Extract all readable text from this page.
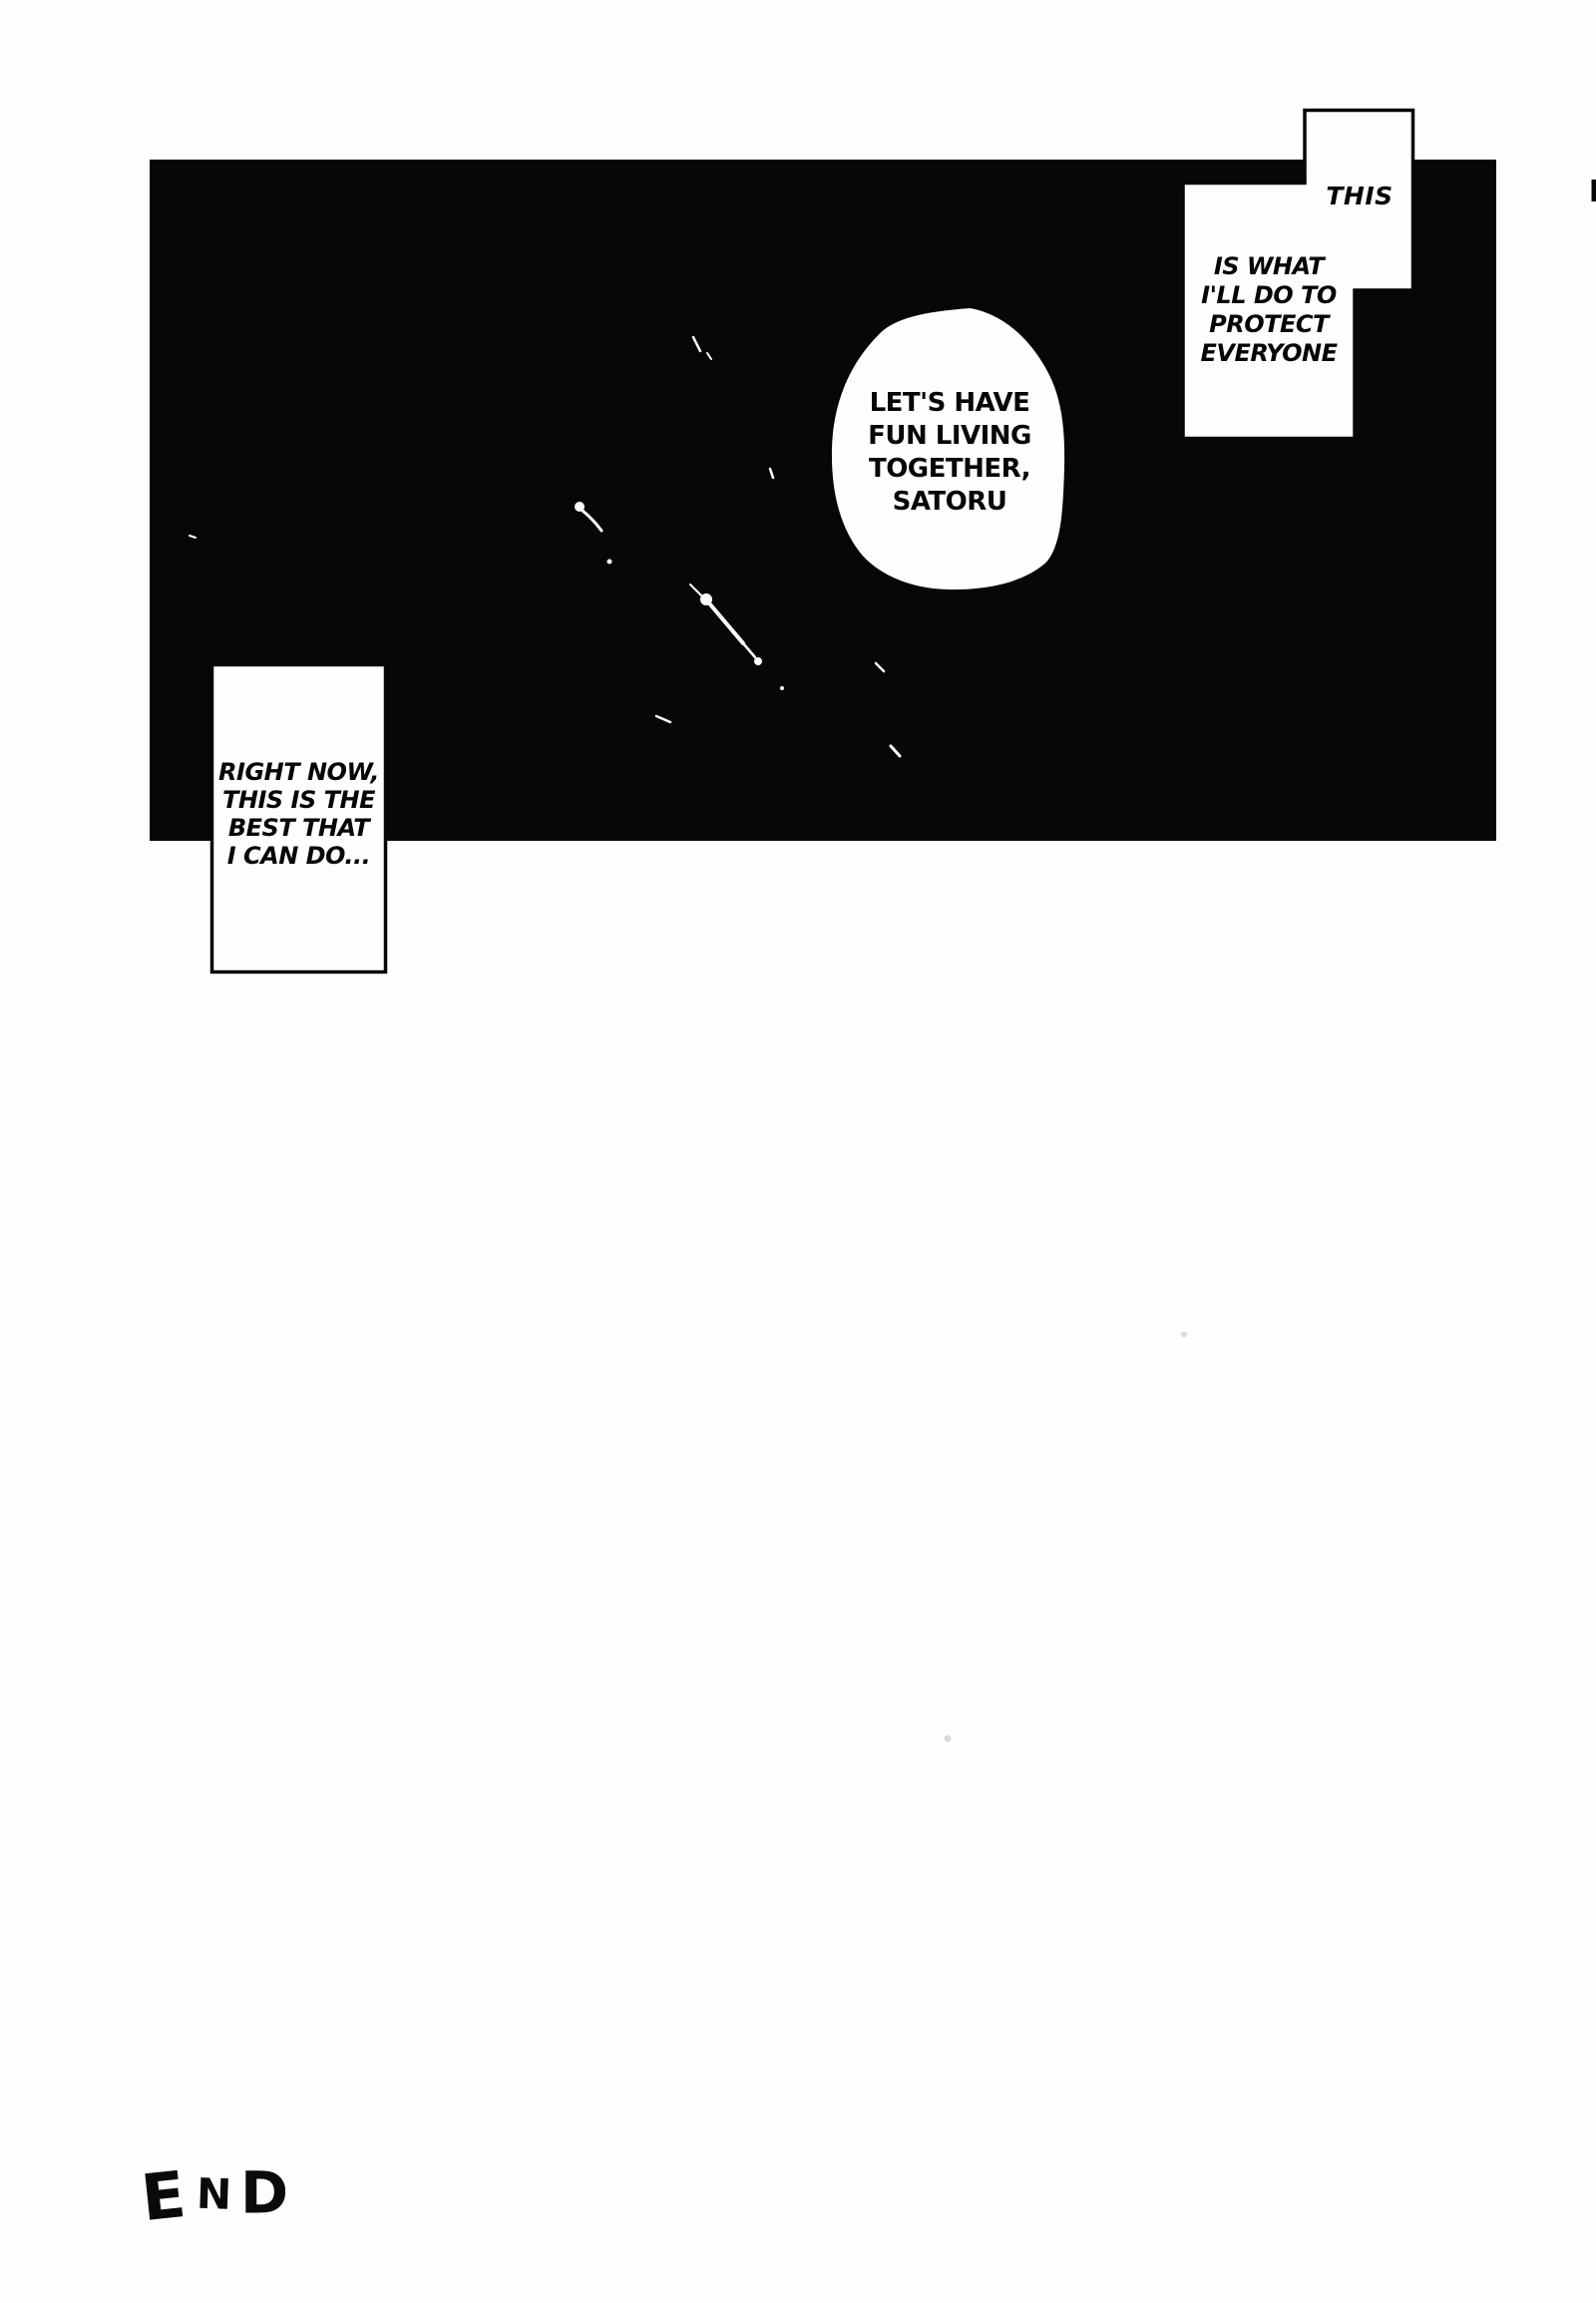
THIS
IS WHAT
I'LL DO TO
PROTECT
EVERYONE
LET'S HAVE
FUN LIVING
TOGETHER,
SATORU
RIGHT NOW,
THIS IS THE
BEST THAT
I CAN DO...
E N D
